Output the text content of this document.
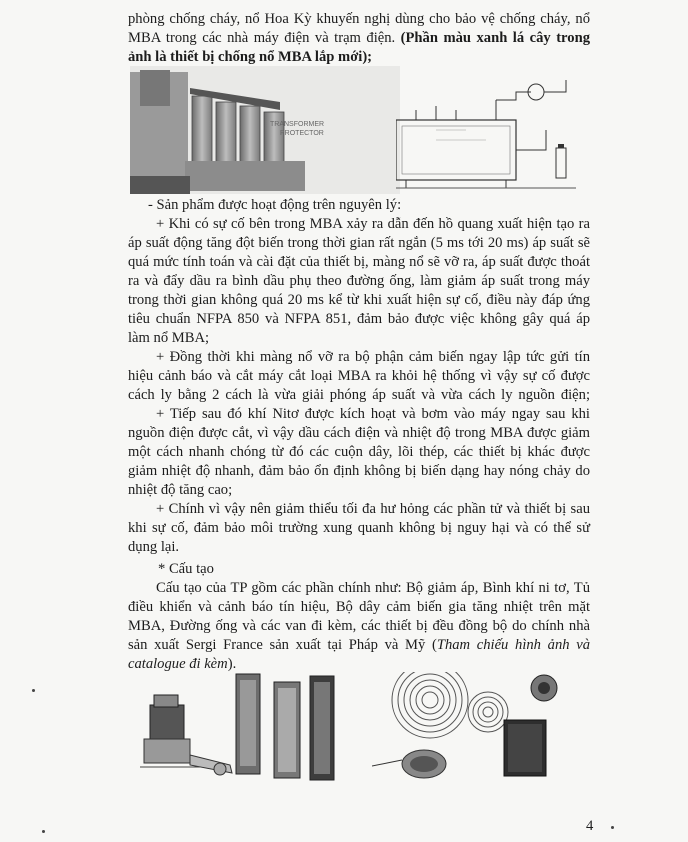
phòng chống cháy, nổ Hoa Kỳ khuyến nghị dùng cho bảo vệ chống cháy, nổ
MBA trong các nhà máy điện và trạm điện. (Phần màu xanh lá cây trong
ảnh là thiết bị chống nổ MBA lắp mới);
TRANSFORMER
PROTECTOR
- Sản phẩm được hoạt động trên nguyên lý:
+ Khi có sự cố bên trong MBA xảy ra dẫn đến hồ quang xuất hiện tạo ra
áp suất động tăng đột biến trong thời gian rất ngắn (5 ms tới 20 ms) áp suất sẽ
quá mức tính toán và cài đặt của thiết bị, màng nổ sẽ vỡ ra, áp suất được thoát
ra và đẩy dầu ra bình dầu phụ theo đường ống, làm giảm áp suất trong máy
trong thời gian không quá 20 ms kể từ khi xuất hiện sự cố, điều này đáp ứng
tiêu chuẩn NFPA 850 và NFPA 851, đảm bảo được việc không gây quá áp
làm nổ MBA;
+ Đồng thời khi màng nổ vỡ ra bộ phận cảm biến ngay lập tức gửi tín
hiệu cảnh báo và cắt máy cắt loại MBA ra khỏi hệ thống vì vậy sự cố được
cách ly bằng 2 cách là vừa giải phóng áp suất và vừa cách ly nguồn điện;
+ Tiếp sau đó khí Nitơ được kích hoạt và bơm vào máy ngay sau khi
nguồn điện được cắt, vì vậy dầu cách điện và nhiệt độ trong MBA được giảm
một cách nhanh chóng từ đó các cuộn dây, lõi thép, các thiết bị khác được
giảm nhiệt độ nhanh, đảm bảo ổn định không bị biến dạng hay nóng chảy do
nhiệt độ tăng cao;
+ Chính vì vậy nên giảm thiểu tối đa hư hỏng các phần tử và thiết bị sau
khi sự cố, đảm bảo môi trường xung quanh không bị nguy hại và có thể sử
dụng lại.
* Cấu tạo
Cấu tạo của TP gồm các phần chính như: Bộ giảm áp, Bình khí ni tơ, Tủ
điều khiển và cảnh báo tín hiệu, Bộ dây cảm biến gia tăng nhiệt trên mặt
MBA, Đường ống và các van đi kèm, các thiết bị đều đồng bộ do chính nhà
sản xuất Sergi France sản xuất tại Pháp và Mỹ (Tham chiếu hình ảnh và
catalogue đi kèm).
4
